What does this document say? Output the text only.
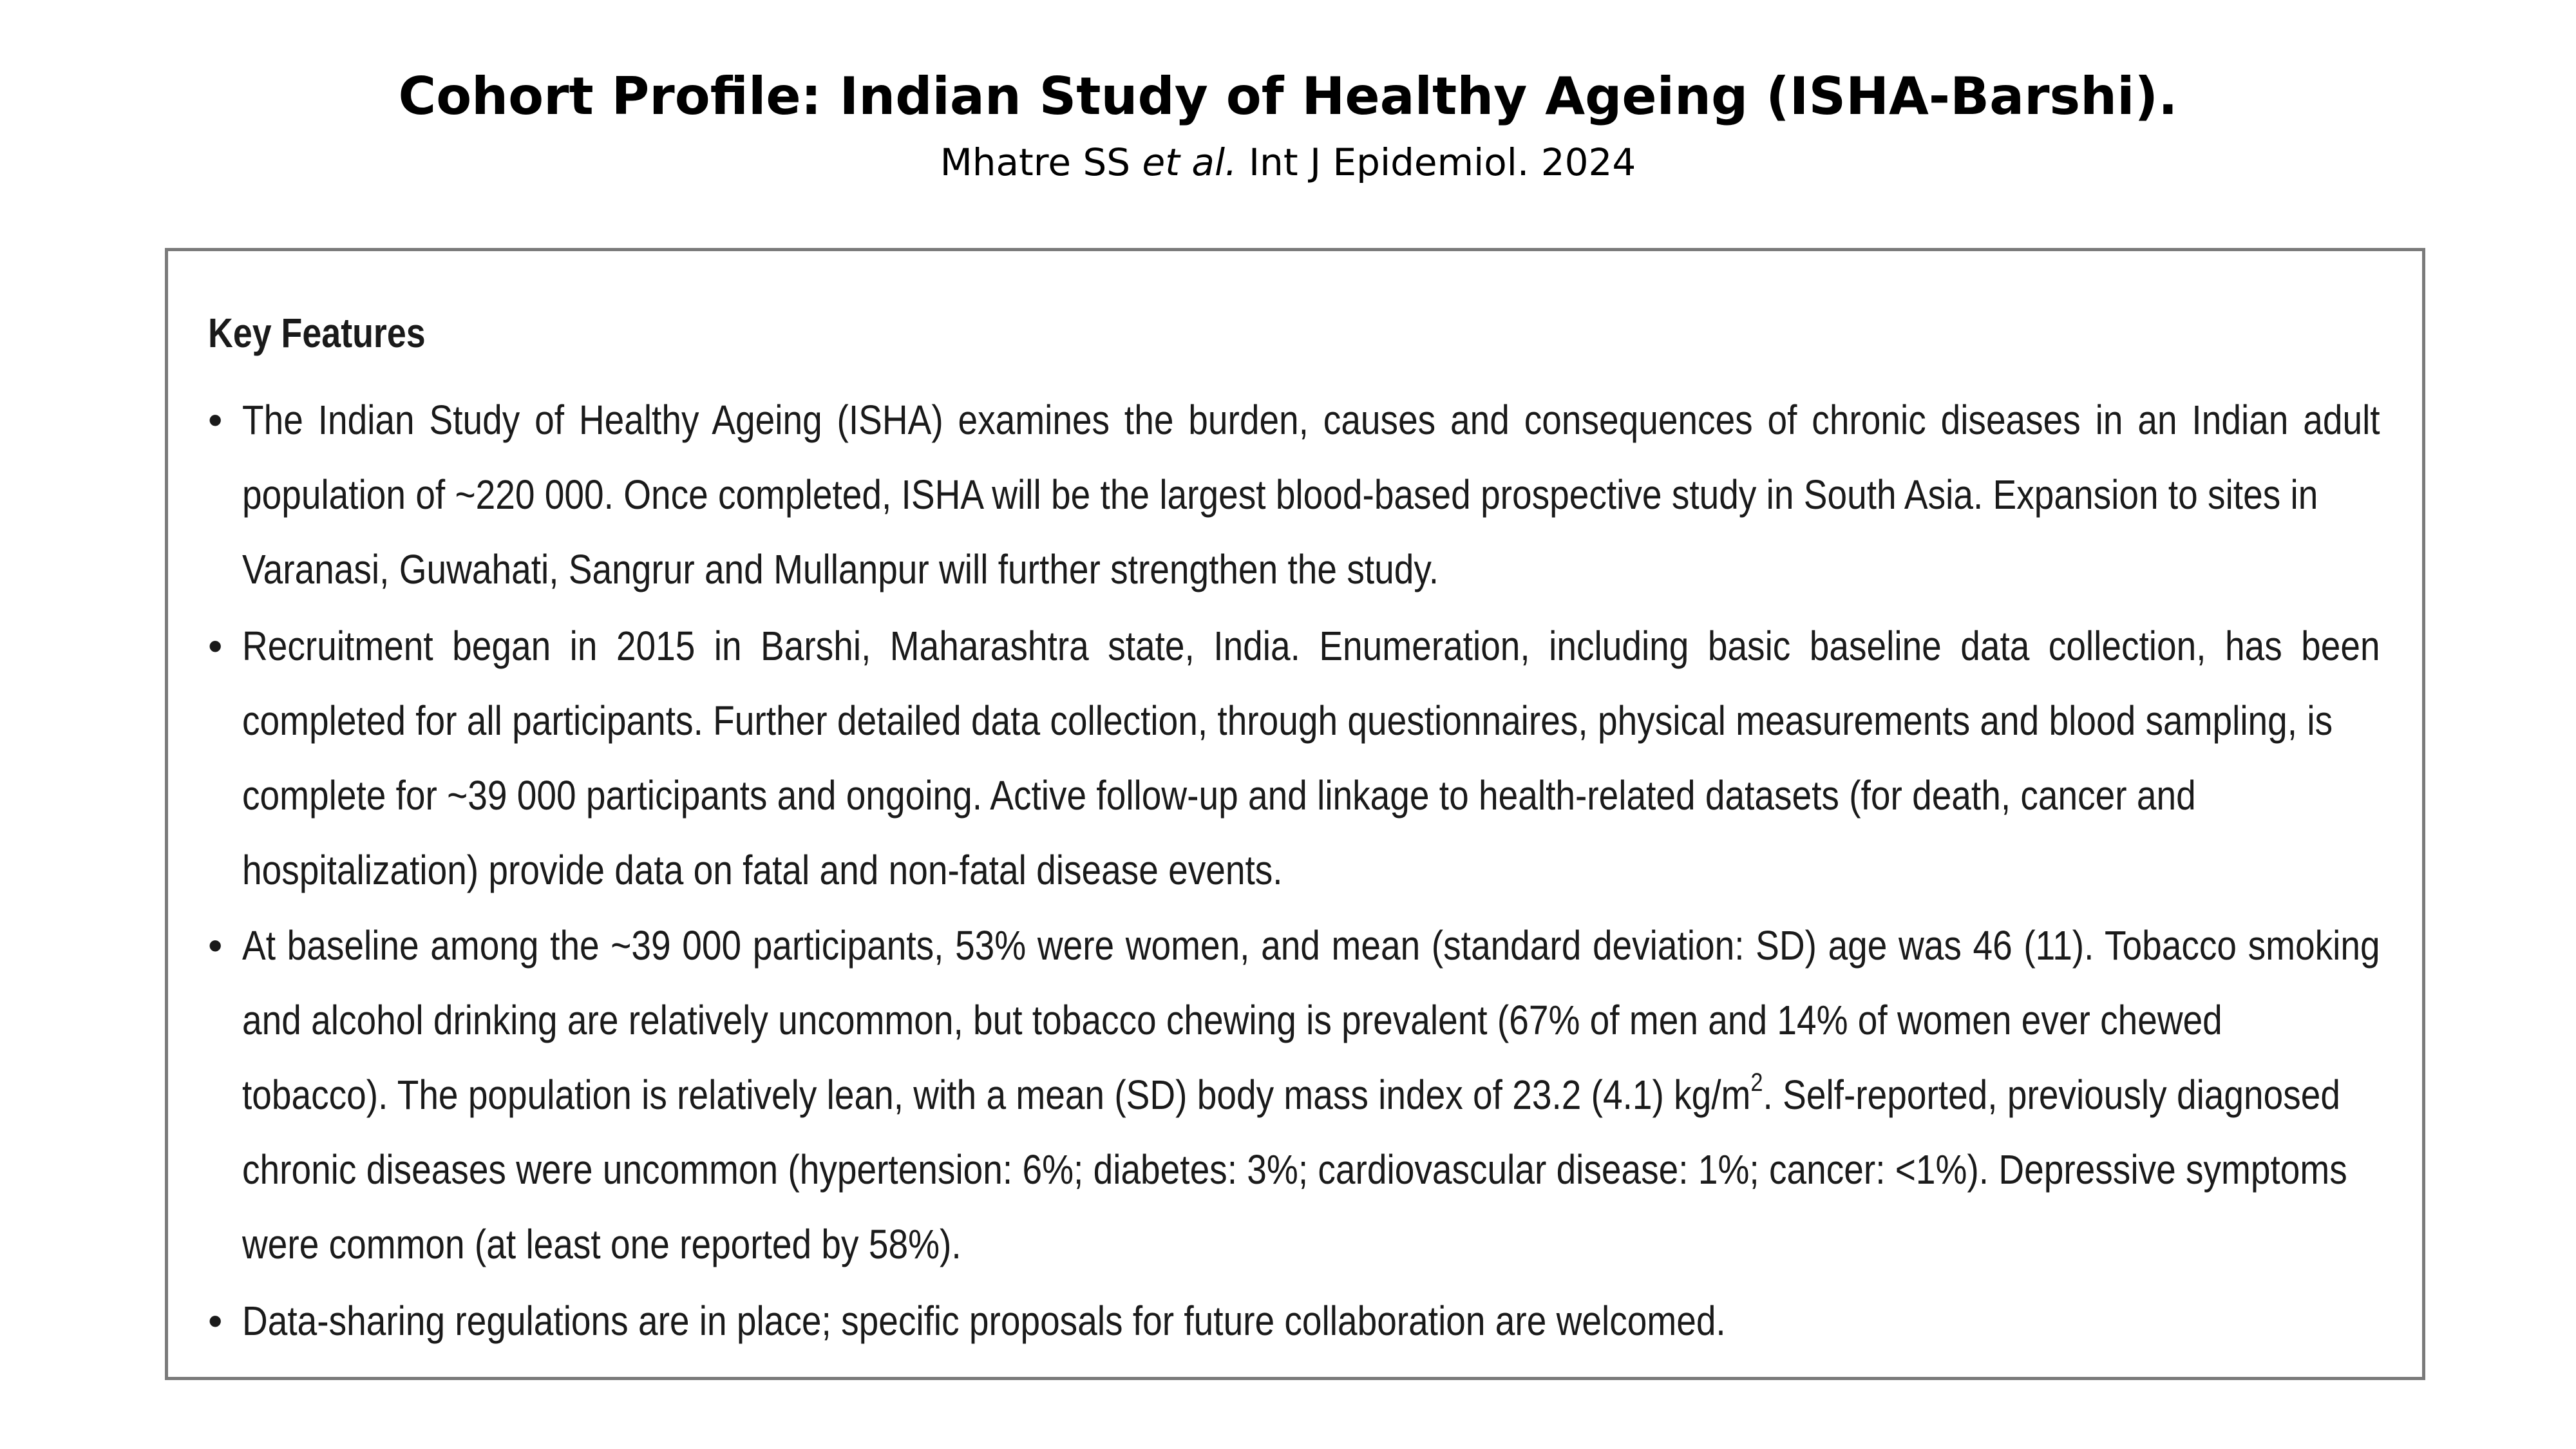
Cohort Profile: Indian Study of Healthy Ageing (ISHA-Barshi).
Mhatre SS et al. Int J Epidemiol. 2024
Key Features
• The Indian Study of Healthy Ageing (ISHA) examines the burden, causes and consequences of chronic diseases in an Indian adult
population of ~220 000. Once completed, ISHA will be the largest blood-based prospective study in South Asia. Expansion to sites in
Varanasi, Guwahati, Sangrur and Mullanpur will further strengthen the study.
• Recruitment began in 2015 in Barshi, Maharashtra state, India. Enumeration, including basic baseline data collection, has been
completed for all participants. Further detailed data collection, through questionnaires, physical measurements and blood sampling, is
complete for ~39 000 participants and ongoing. Active follow-up and linkage to health-related datasets (for death, cancer and
hospitalization) provide data on fatal and non-fatal disease events.
• At baseline among the ~39 000 participants, 53% were women, and mean (standard deviation: SD) age was 46 (11). Tobacco smoking
and alcohol drinking are relatively uncommon, but tobacco chewing is prevalent (67% of men and 14% of women ever chewed
tobacco). The population is relatively lean, with a mean (SD) body mass index of 23.2 (4.1) $kg/m^2$. Self-reported, previously diagnosed
chronic diseases were uncommon (hypertension: 6%; diabetes: 3%; cardiovascular disease: 1%; cancer: <1%). Depressive symptoms
were common (at least one reported by 58%).
• Data-sharing regulations are in place; specific proposals for future collaboration are welcomed.
